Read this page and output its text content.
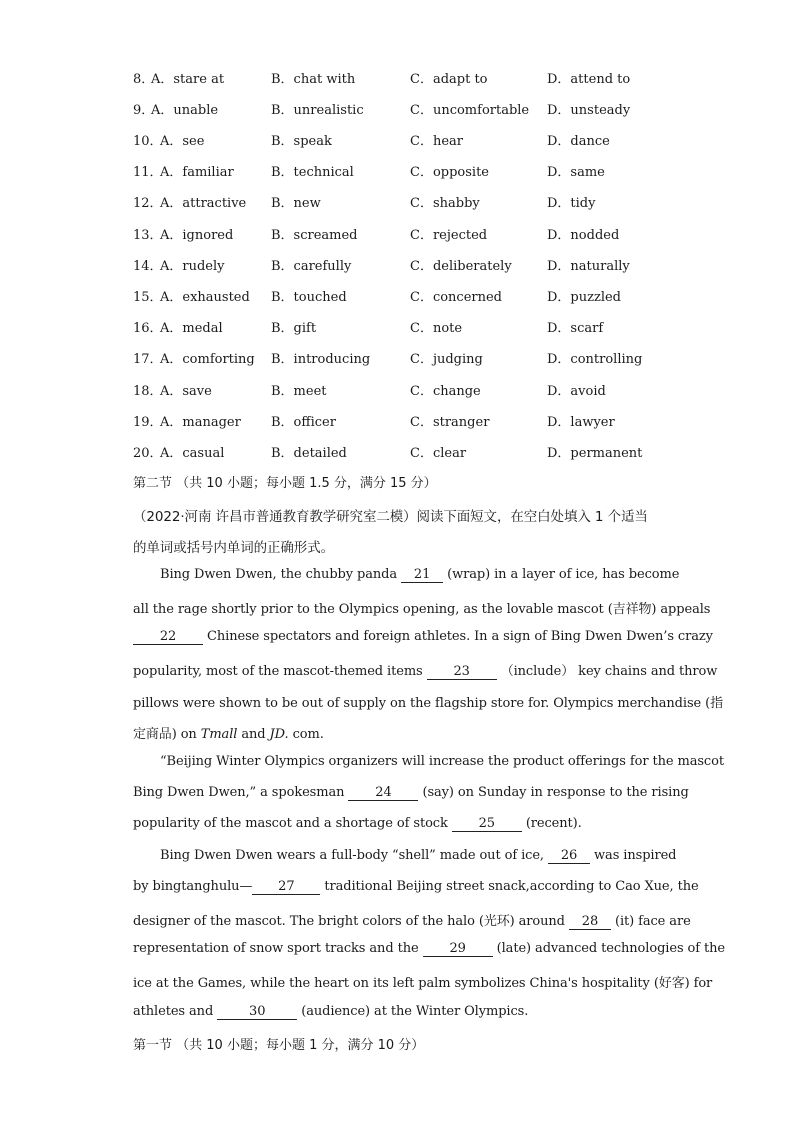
8．
A．stare at	B．chat with	C．adapt to	D．attend to
9．
A．unable	B．unrealistic	C．uncomfortable D．unsteady
10．
A．see	B．speak	C．hear	D．dance
11．
A．familiar	B．technical	C．opposite	D．same
12．
A．attractive B．new	C．shabby	D．tidy
13．
A．ignored	B．screamed	C．rejected	D．nodded
14．
A．rudely	B．carefully	C．deliberately	D．naturally
15．
A．exhausted B．touched	C．concerned	D．puzzled
16．
A．medal	B．gift	C．note	D．scarf
17．
A．comforting B．introducing	C．judging	D．controlling
18．
A．save	B．meet	C．change	D．avoid
19．
A．manager B．officer	C．stranger	D．lawyer
20．
A．casual	B．detailed	C．clear	D．permanent
第二节 （共 10 小题；每小题 1.5 分，满分 15 分）
（2022·河南 许昌市普通教育教学研究室二模）阅读下面短文，在空白处填入 1 个适当
的单词或括号内单词的正确形式。
Bing Dwen Dwen, the chubby panda 21 (wrap) in a layer of ice, has become
all the rage shortly prior to the Olympics opening, as the lovable mascot (吉祥物) appeals
22 Chinese spectators and foreign athletes. In a sign of Bing Dwen Dwen’s crazy
popularity, most of the mascot-themed items 23 （include） key chains and throw
pillows were shown to be out of supply on the flagship store for. Olympics merchandise (指
定商品) on Tmall and JD. com.
“Beijing Winter Olympics organizers will increase the product offerings for the mascot
Bing Dwen Dwen,” a spokesman 24 (say) on Sunday in response to the rising
popularity of the mascot and a shortage of stock 25 (recent).
Bing Dwen Dwen wears a full-body “shell” made out of ice, 26 was inspired
by bingtanghulu— 27 traditional Beijing street snack,according to Cao Xue, the
designer of the mascot. The bright colors of the halo (光环) around 28 (it) face are
representation of snow sport tracks and the 29 (late) advanced technologies of the
ice at the Games, while the heart on its left palm symbolizes China's hospitality (好客) for
athletes and 30 (audience) at the Winter Olympics.
第一节 （共 10 小题；每小题 1 分，满分 10 分）
